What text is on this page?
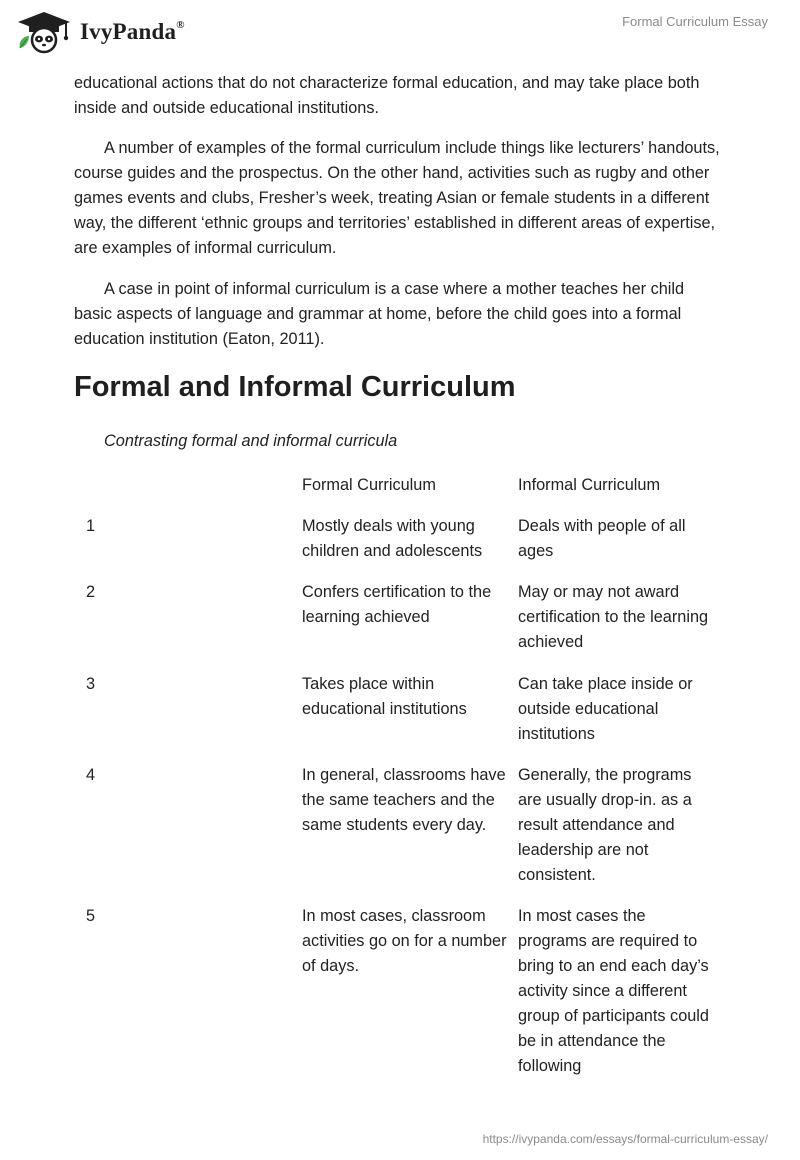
IvyPanda®	Formal Curriculum Essay

educational actions that do not characterize formal education, and may take place both inside and outside educational institutions.

A number of examples of the formal curriculum include things like lecturers’ handouts, course guides and the prospectus. On the other hand, activities such as rugby and other games events and clubs, Fresher’s week, treating Asian or female students in a different way, the different ‘ethnic groups and territories’ established in different areas of expertise, are examples of informal curriculum.

A case in point of informal curriculum is a case where a mother teaches her child basic aspects of language and grammar at home, before the child goes into a formal education institution (Eaton, 2011).

Formal and Informal Curriculum
Contrasting formal and informal curricula
	Formal Curriculum	Informal Curriculum
1	Mostly deals with young children and adolescents	Deals with people of all ages
2	Confers certification to the learning achieved	May or may not award certification to the learning achieved
3	Takes place within educational institutions	Can take place inside or outside educational institutions
4	In general, classrooms have the same teachers and the same students every day.	Generally, the programs are usually drop-in. as a result attendance and leadership are not consistent.
5	In most cases, classroom activities go on for a number of days.	In most cases the programs are required to bring to an end each day’s activity since a different group of participants could be in attendance the following
https://ivypanda.com/essays/formal-curriculum-essay/
